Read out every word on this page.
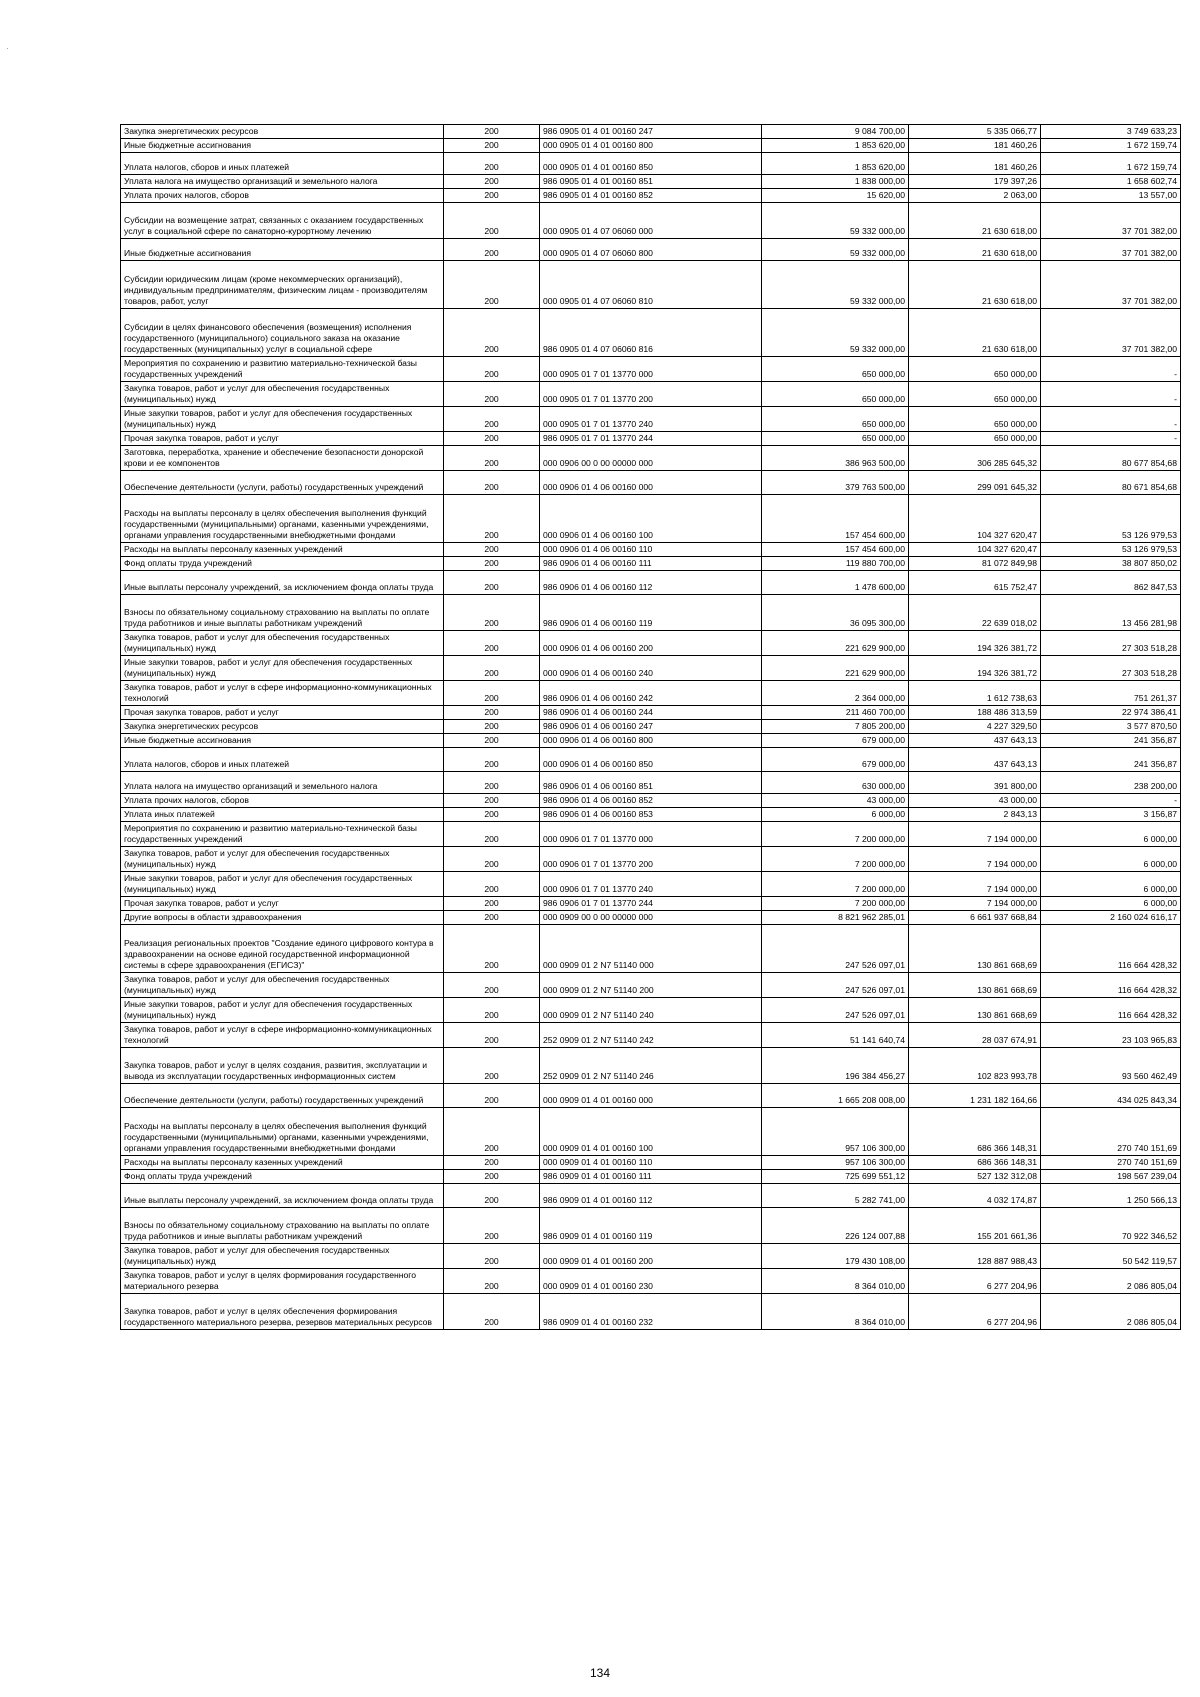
·
Закупка энергетических ресурсов	200	986 0905 01 4 01 00160 247	9 084 700,00	5 335 066,77	3 749 633,23
Иные бюджетные ассигнования	200	000 0905 01 4 01 00160 800	1 853 620,00	181 460,26	1 672 159,74
Уплата налогов, сборов и иных платежей	200	000 0905 01 4 01 00160 850	1 853 620,00	181 460,26	1 672 159,74
Уплата налога на имущество организаций и земельного налога	200	986 0905 01 4 01 00160 851	1 838 000,00	179 397,26	1 658 602,74
Уплата прочих налогов, сборов	200	986 0905 01 4 01 00160 852	15 620,00	2 063,00	13 557,00
Субсидии на возмещение затрат, связанных с оказанием государственных услуг в социальной сфере по санаторно-курортному лечению	200	000 0905 01 4 07 06060 000	59 332 000,00	21 630 618,00	37 701 382,00
Иные бюджетные ассигнования	200	000 0905 01 4 07 06060 800	59 332 000,00	21 630 618,00	37 701 382,00
Субсидии юридическим лицам (кроме некоммерческих организаций), индивидуальным предпринимателям, физическим лицам - производителям товаров, работ, услуг	200	000 0905 01 4 07 06060 810	59 332 000,00	21 630 618,00	37 701 382,00
Субсидии в целях финансового обеспечения (возмещения) исполнения государственного (муниципального) социального заказа на оказание государственных (муниципальных) услуг в социальной сфере	200	986 0905 01 4 07 06060 816	59 332 000,00	21 630 618,00	37 701 382,00
Мероприятия по сохранению и развитию материально-технической базы государственных учреждений	200	000 0905 01 7 01 13770 000	650 000,00	650 000,00	-
Закупка товаров, работ и услуг для обеспечения государственных (муниципальных) нужд	200	000 0905 01 7 01 13770 200	650 000,00	650 000,00	-
Иные закупки товаров, работ и услуг для обеспечения государственных (муниципальных) нужд	200	000 0905 01 7 01 13770 240	650 000,00	650 000,00	-
Прочая закупка товаров, работ и услуг	200	986 0905 01 7 01 13770 244	650 000,00	650 000,00	-
Заготовка, переработка, хранение и обеспечение безопасности донорской крови и ее компонентов	200	000 0906 00 0 00 00000 000	386 963 500,00	306 285 645,32	80 677 854,68
Обеспечение деятельности (услуги, работы) государственных учреждений	200	000 0906 01 4 06 00160 000	379 763 500,00	299 091 645,32	80 671 854,68
Расходы на выплаты персоналу в целях обеспечения выполнения функций государственными (муниципальными) органами, казенными учреждениями, органами управления государственными внебюджетными фондами	200	000 0906 01 4 06 00160 100	157 454 600,00	104 327 620,47	53 126 979,53
Расходы на выплаты персоналу казенных учреждений	200	000 0906 01 4 06 00160 110	157 454 600,00	104 327 620,47	53 126 979,53
Фонд оплаты труда учреждений	200	986 0906 01 4 06 00160 111	119 880 700,00	81 072 849,98	38 807 850,02
Иные выплаты персоналу учреждений, за исключением фонда оплаты труда	200	986 0906 01 4 06 00160 112	1 478 600,00	615 752,47	862 847,53
Взносы по обязательному социальному страхованию на выплаты по оплате труда работников и иные выплаты работникам учреждений	200	986 0906 01 4 06 00160 119	36 095 300,00	22 639 018,02	13 456 281,98
Закупка товаров, работ и услуг для обеспечения государственных (муниципальных) нужд	200	000 0906 01 4 06 00160 200	221 629 900,00	194 326 381,72	27 303 518,28
Иные закупки товаров, работ и услуг для обеспечения государственных (муниципальных) нужд	200	000 0906 01 4 06 00160 240	221 629 900,00	194 326 381,72	27 303 518,28
Закупка товаров, работ и услуг в сфере информационно-коммуникационных технологий	200	986 0906 01 4 06 00160 242	2 364 000,00	1 612 738,63	751 261,37
Прочая закупка товаров, работ и услуг	200	986 0906 01 4 06 00160 244	211 460 700,00	188 486 313,59	22 974 386,41
Закупка энергетических ресурсов	200	986 0906 01 4 06 00160 247	7 805 200,00	4 227 329,50	3 577 870,50
Иные бюджетные ассигнования	200	000 0906 01 4 06 00160 800	679 000,00	437 643,13	241 356,87
Уплата налогов, сборов и иных платежей	200	000 0906 01 4 06 00160 850	679 000,00	437 643,13	241 356,87
Уплата налога на имущество организаций и земельного налога	200	986 0906 01 4 06 00160 851	630 000,00	391 800,00	238 200,00
Уплата прочих налогов, сборов	200	986 0906 01 4 06 00160 852	43 000,00	43 000,00	-
Уплата иных платежей	200	986 0906 01 4 06 00160 853	6 000,00	2 843,13	3 156,87
Мероприятия по сохранению и развитию материально-технической базы государственных учреждений	200	000 0906 01 7 01 13770 000	7 200 000,00	7 194 000,00	6 000,00
Закупка товаров, работ и услуг для обеспечения государственных (муниципальных) нужд	200	000 0906 01 7 01 13770 200	7 200 000,00	7 194 000,00	6 000,00
Иные закупки товаров, работ и услуг для обеспечения государственных (муниципальных) нужд	200	000 0906 01 7 01 13770 240	7 200 000,00	7 194 000,00	6 000,00
Прочая закупка товаров, работ и услуг	200	986 0906 01 7 01 13770 244	7 200 000,00	7 194 000,00	6 000,00
Другие вопросы в области здравоохранения	200	000 0909 00 0 00 00000 000	8 821 962 285,01	6 661 937 668,84	2 160 024 616,17
Реализация региональных проектов "Создание единого цифрового контура в здравоохранении на основе единой государственной информационной системы в сфере здравоохранения (ЕГИСЗ)"	200	000 0909 01 2 N7 51140 000	247 526 097,01	130 861 668,69	116 664 428,32
Закупка товаров, работ и услуг для обеспечения государственных (муниципальных) нужд	200	000 0909 01 2 N7 51140 200	247 526 097,01	130 861 668,69	116 664 428,32
Иные закупки товаров, работ и услуг для обеспечения государственных (муниципальных) нужд	200	000 0909 01 2 N7 51140 240	247 526 097,01	130 861 668,69	116 664 428,32
Закупка товаров, работ и услуг в сфере информационно-коммуникационных технологий	200	252 0909 01 2 N7 51140 242	51 141 640,74	28 037 674,91	23 103 965,83
Закупка товаров, работ и услуг в целях создания, развития, эксплуатации и вывода из эксплуатации государственных информационных систем	200	252 0909 01 2 N7 51140 246	196 384 456,27	102 823 993,78	93 560 462,49
Обеспечение деятельности (услуги, работы) государственных учреждений	200	000 0909 01 4 01 00160 000	1 665 208 008,00	1 231 182 164,66	434 025 843,34
Расходы на выплаты персоналу в целях обеспечения выполнения функций государственными (муниципальными) органами, казенными учреждениями, органами управления государственными внебюджетными фондами	200	000 0909 01 4 01 00160 100	957 106 300,00	686 366 148,31	270 740 151,69
Расходы на выплаты персоналу казенных учреждений	200	000 0909 01 4 01 00160 110	957 106 300,00	686 366 148,31	270 740 151,69
Фонд оплаты труда учреждений	200	986 0909 01 4 01 00160 111	725 699 551,12	527 132 312,08	198 567 239,04
Иные выплаты персоналу учреждений, за исключением фонда оплаты труда	200	986 0909 01 4 01 00160 112	5 282 741,00	4 032 174,87	1 250 566,13
Взносы по обязательному социальному страхованию на выплаты по оплате труда работников и иные выплаты работникам учреждений	200	986 0909 01 4 01 00160 119	226 124 007,88	155 201 661,36	70 922 346,52
Закупка товаров, работ и услуг для обеспечения государственных (муниципальных) нужд	200	000 0909 01 4 01 00160 200	179 430 108,00	128 887 988,43	50 542 119,57
Закупка товаров, работ и услуг в целях формирования государственного материального резерва	200	000 0909 01 4 01 00160 230	8 364 010,00	6 277 204,96	2 086 805,04
Закупка товаров, работ и услуг в целях обеспечения формирования государственного материального резерва, резервов материальных ресурсов	200	986 0909 01 4 01 00160 232	8 364 010,00	6 277 204,96	2 086 805,04
134
